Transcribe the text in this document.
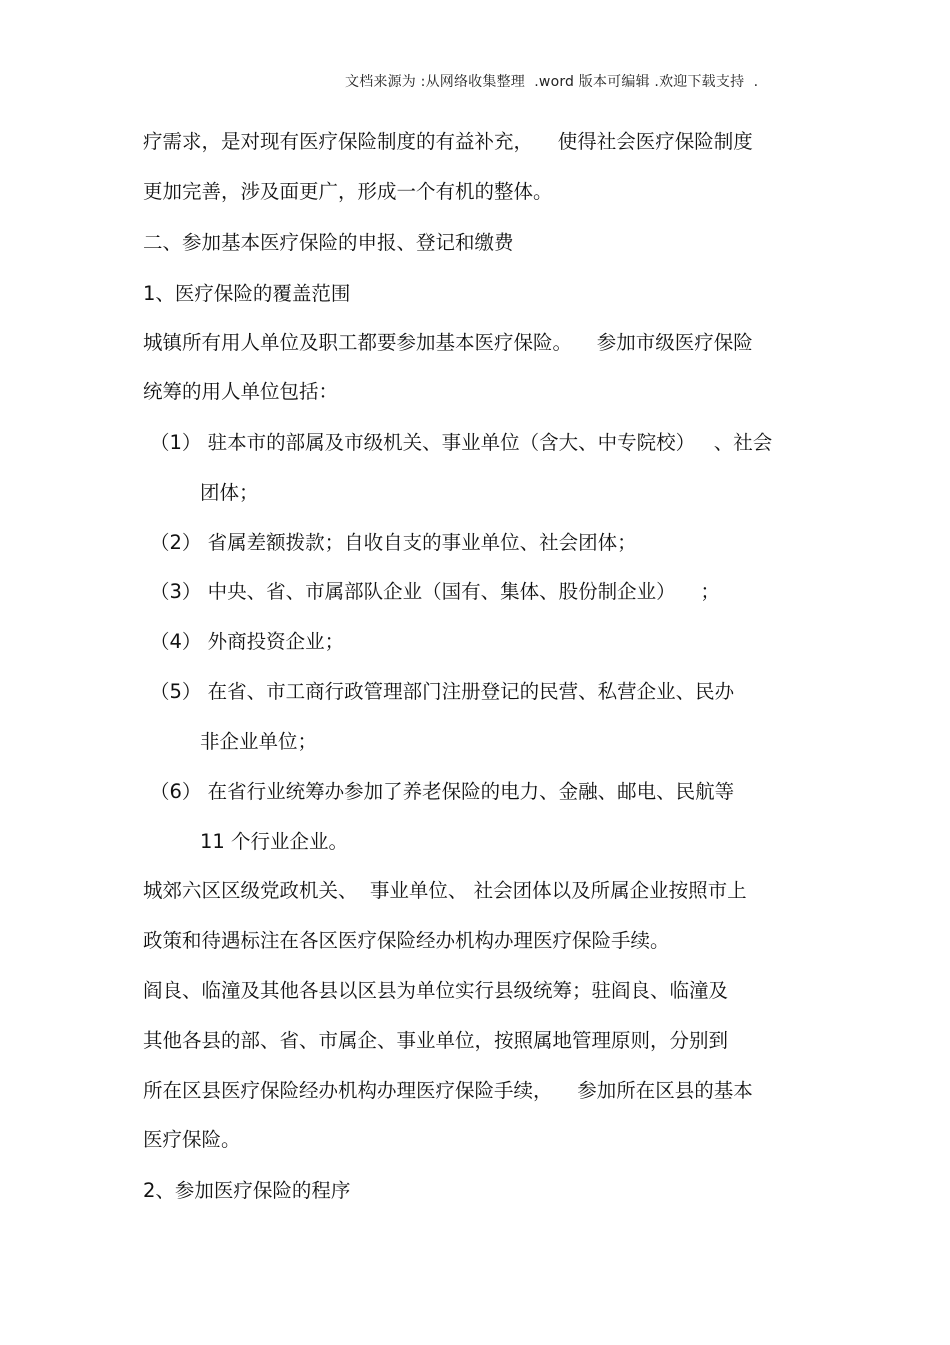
文档来源为 :从网络收集整理  .word 版本可编辑 .欢迎下载支持  .
疗需求，是对现有医疗保险制度的有益补充，    使得社会医疗保险制度
更加完善，涉及面更广，形成一个有机的整体。
二、参加基本医疗保险的申报、登记和缴费
1、医疗保险的覆盖范围
城镇所有用人单位及职工都要参加基本医疗保险。    参加市级医疗保险
统筹的用人单位包括：
（1） 驻本市的部属及市级机关、事业单位（含大、中专院校）   、社会
团体；
（2） 省属差额拨款；自收自支的事业单位、社会团体；
（3） 中央、省、市属部队企业（国有、集体、股份制企业）    ；
（4） 外商投资企业；
（5） 在省、市工商行政管理部门注册登记的民营、私营企业、民办
非企业单位；
（6） 在省行业统筹办参加了养老保险的电力、金融、邮电、民航等
11 个行业企业。
城郊六区区级党政机关、  事业单位、 社会团体以及所属企业按照市上
政策和待遇标注在各区医疗保险经办机构办理医疗保险手续。
阎良、临潼及其他各县以区县为单位实行县级统筹；驻阎良、临潼及
其他各县的部、省、市属企、事业单位，按照属地管理原则，分别到
所在区县医疗保险经办机构办理医疗保险手续，    参加所在区县的基本
医疗保险。
2、参加医疗保险的程序
